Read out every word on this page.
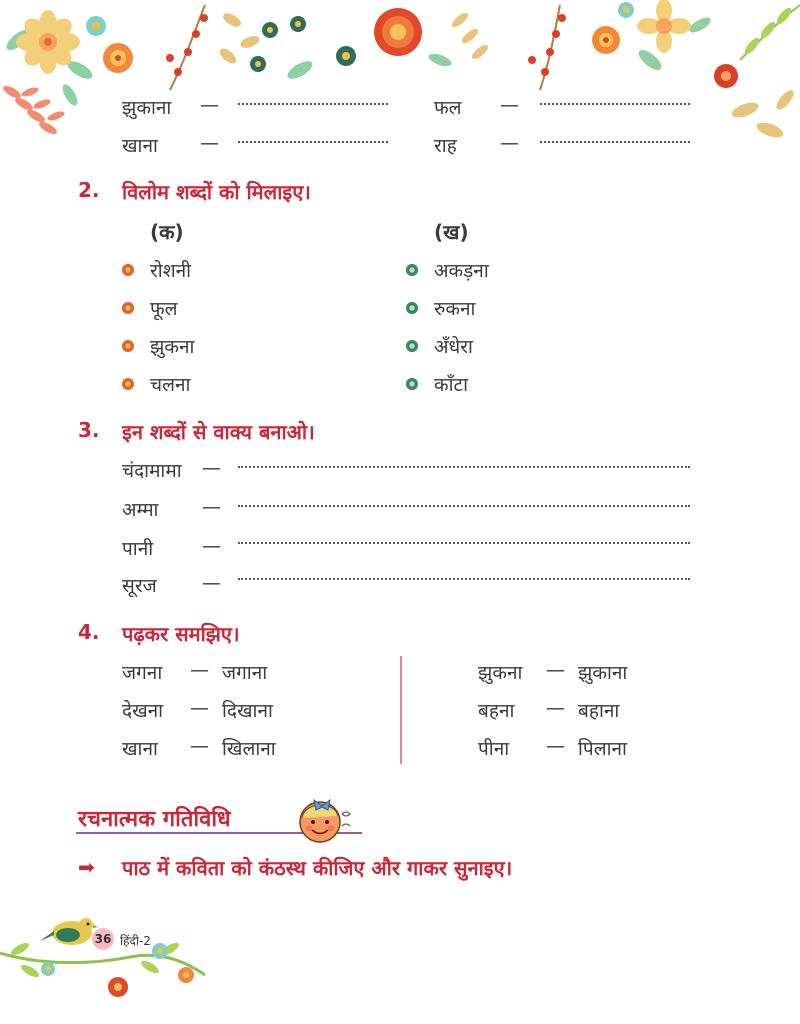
झुकाना —	फल —
खाना —	राह —
2. विलोम शब्दों को मिलाइए।
(क)	(ख)
रोशनी	अकड़ना
फूल	रुकना
झुकना	अँधेरा
चलना	काँटा
3. इन शब्दों से वाक्य बनाओ।
चंदामामा —
अम्मा —
पानी	—
सूरज —
4. पढ़कर समझिए।
जगना — जगाना
देखना — दिखाना
खाना — खिलाना
झुकना — झुकाना
बहना — बहाना
पीना — पिलाना
रचनात्मक गतिविधि
➡ पाठ में कविता को कंठस्थ कीजिए और गाकर सुनाइए।
36 हिंदी-2
